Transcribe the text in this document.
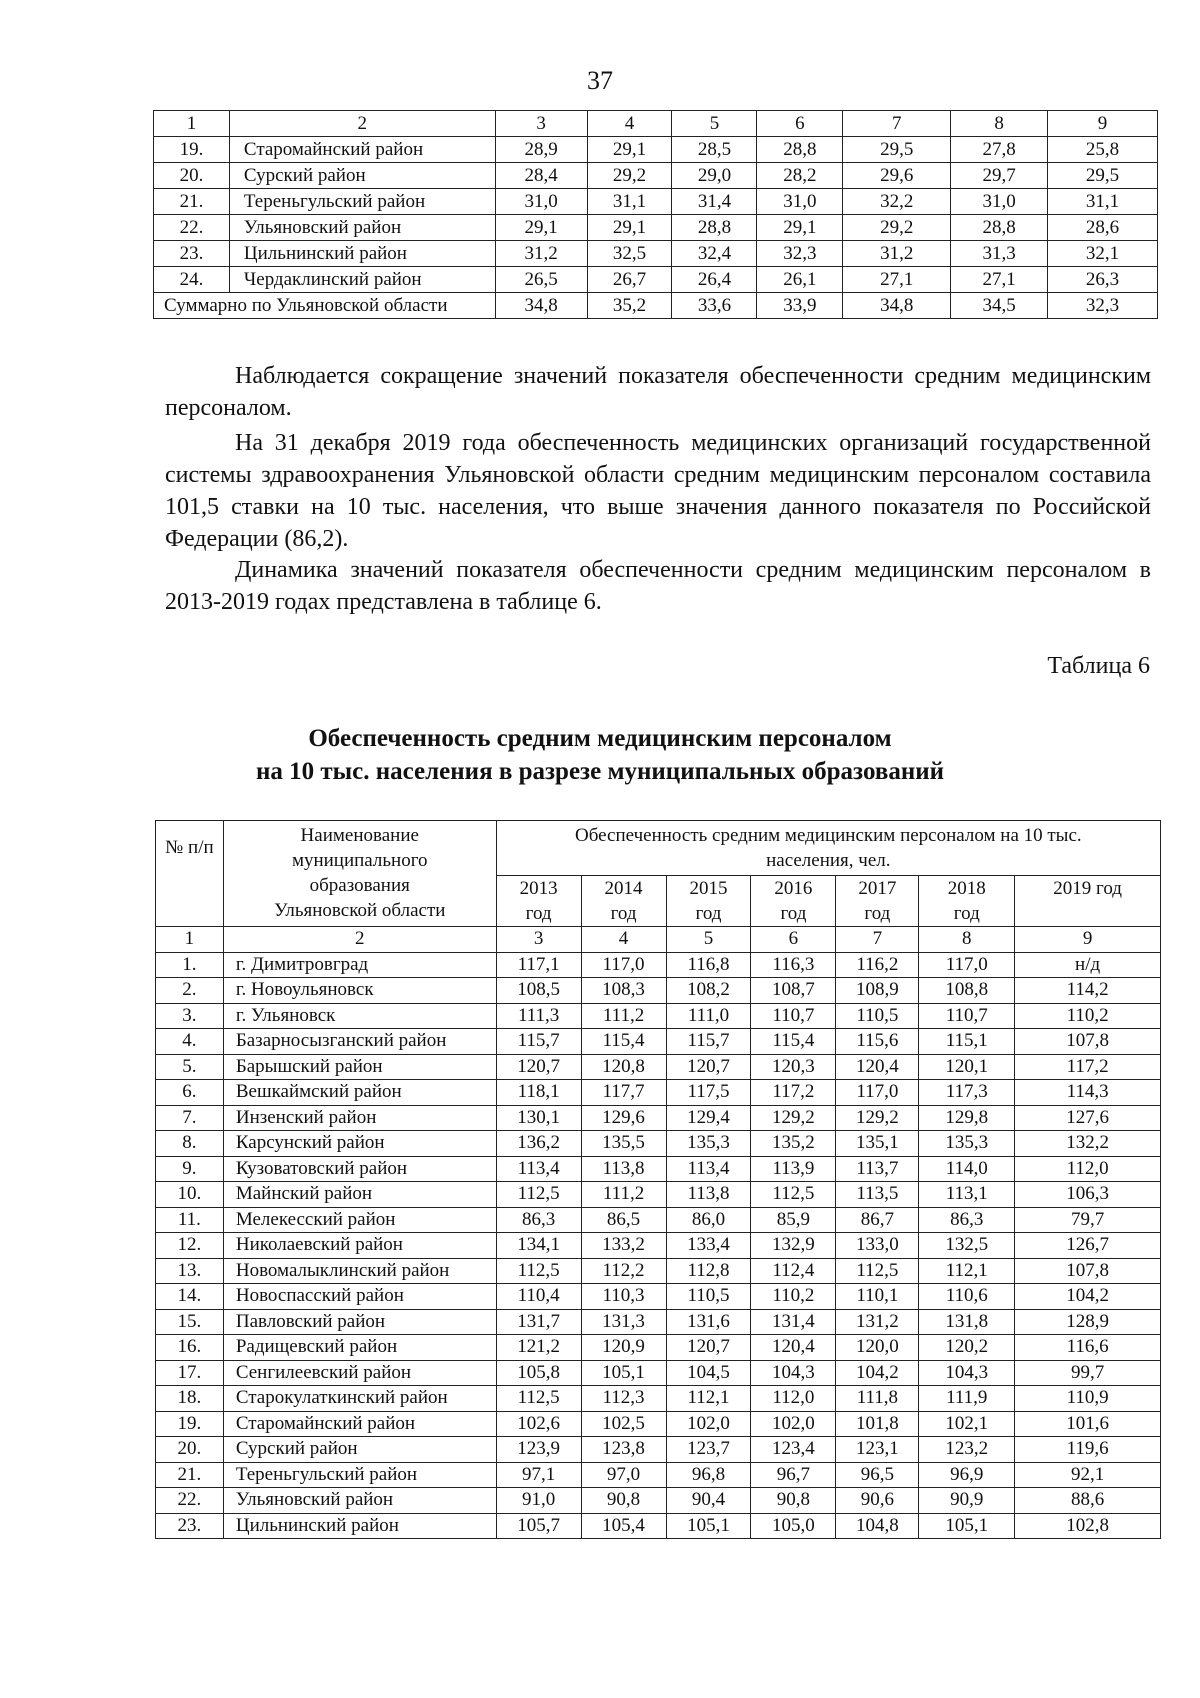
37
1	2	3	4	5	6	7	8	9
19.	Старомайнский район	28,9	29,1	28,5	28,8	29,5	27,8	25,8
20.	Сурский район	28,4	29,2	29,0	28,2	29,6	29,7	29,5
21.	Тереньгульский район	31,0	31,1	31,4	31,0	32,2	31,0	31,1
22.	Ульяновский район	29,1	29,1	28,8	29,1	29,2	28,8	28,6
23.	Цильнинский район	31,2	32,5	32,4	32,3	31,2	31,3	32,1
24.	Чердаклинский район	26,5	26,7	26,4	26,1	27,1	27,1	26,3
Суммарно по Ульяновской области		34,8	35,2	33,6	33,9	34,8	34,5	32,3

Наблюдается сокращение значений показателя обеспеченности средним медицинским персоналом.

На 31 декабря 2019 года обеспеченность медицинских организаций государственной системы здравоохранения Ульяновской области средним медицинским персоналом составила 101,5 ставки на 10 тыс. населения, что выше значения данного показателя по Российской Федерации (86,2).

Динамика значений показателя обеспеченности средним медицинским персоналом в 2013-2019 годах представлена в таблице 6.

Таблица 6
Обеспеченность средним медицинским персоналом
на 10 тыс. населения в разрезе муниципальных образований
№ п/п	Наименование муниципального образования Ульяновской области	Обеспеченность средним медицинским персоналом на 10 тыс. населения, чел.						
		2013 год	2014 год	2015 год	2016 год	2017 год	2018 год	2019 год
1	2	3	4	5	6	7	8	9
1.	г. Димитровград	117,1	117,0	116,8	116,3	116,2	117,0	н/д
2.	г. Новоульяновск	108,5	108,3	108,2	108,7	108,9	108,8	114,2
3.	г. Ульяновск	111,3	111,2	111,0	110,7	110,5	110,7	110,2
4.	Базарносызганский район	115,7	115,4	115,7	115,4	115,6	115,1	107,8
5.	Барышский район	120,7	120,8	120,7	120,3	120,4	120,1	117,2
6.	Вешкаймский район	118,1	117,7	117,5	117,2	117,0	117,3	114,3
7.	Инзенский район	130,1	129,6	129,4	129,2	129,2	129,8	127,6
8.	Карсунский район	136,2	135,5	135,3	135,2	135,1	135,3	132,2
9.	Кузоватовский район	113,4	113,8	113,4	113,9	113,7	114,0	112,0
10.	Майнский район	112,5	111,2	113,8	112,5	113,5	113,1	106,3
11.	Мелекесский район	86,3	86,5	86,0	85,9	86,7	86,3	79,7
12.	Николаевский район	134,1	133,2	133,4	132,9	133,0	132,5	126,7
13.	Новомалыклинский район	112,5	112,2	112,8	112,4	112,5	112,1	107,8
14.	Новоспасский район	110,4	110,3	110,5	110,2	110,1	110,6	104,2
15.	Павловский район	131,7	131,3	131,6	131,4	131,2	131,8	128,9
16.	Радищевский район	121,2	120,9	120,7	120,4	120,0	120,2	116,6
17.	Сенгилеевский район	105,8	105,1	104,5	104,3	104,2	104,3	99,7
18.	Старокулаткинский район	112,5	112,3	112,1	112,0	111,8	111,9	110,9
19.	Старомайнский район	102,6	102,5	102,0	102,0	101,8	102,1	101,6
20.	Сурский район	123,9	123,8	123,7	123,4	123,1	123,2	119,6
21.	Тереньгульский район	97,1	97,0	96,8	96,7	96,5	96,9	92,1
22.	Ульяновский район	91,0	90,8	90,4	90,8	90,6	90,9	88,6
23.	Цильнинский район	105,7	105,4	105,1	105,0	104,8	105,1	102,8
